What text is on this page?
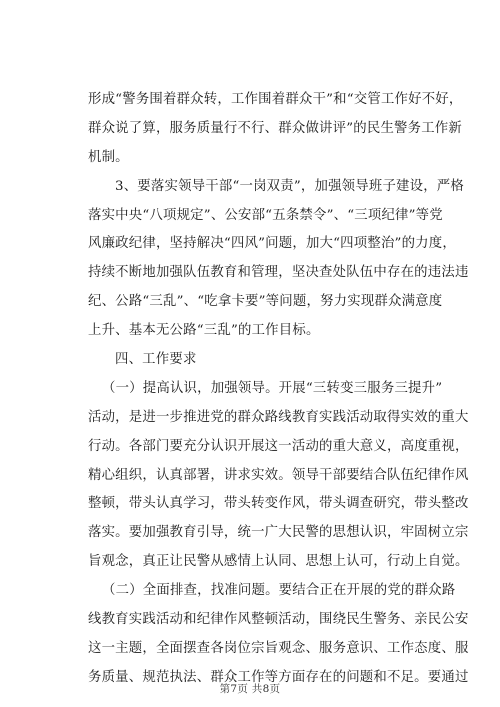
形成“警务围着群众转，工作围着群众干”和“交管工作好不好，
群众说了算，服务质量行不行、群众做讲评”的民生警务工作新
机制。
3、要落实领导干部“一岗双责”，加强领导班子建设，严格
落实中央“八项规定”、公安部“五条禁令”、“三项纪律”等党
风廉政纪律，坚持解决“四风”问题，加大“四项整治”的力度，
持续不断地加强队伍教育和管理，坚决查处队伍中存在的违法违
纪、公路“三乱”、“吃拿卡要”等问题，努力实现群众满意度
上升、基本无公路“三乱”的工作目标。
四、工作要求
（一）提高认识，加强领导。开展“三转变三服务三提升”
活动，是进一步推进党的群众路线教育实践活动取得实效的重大
行动。各部门要充分认识开展这一活动的重大意义，高度重视，
精心组织，认真部署，讲求实效。领导干部要结合队伍纪律作风
整顿，带头认真学习，带头转变作风，带头调查研究，带头整改
落实。要加强教育引导，统一广大民警的思想认识，牢固树立宗
旨观念，真正让民警从感情上认同、思想上认可，行动上自觉。
（二）全面排查，找准问题。要结合正在开展的党的群众路
线教育实践活动和纪律作风整顿活动，围绕民生警务、亲民公安
这一主题，全面摆查各岗位宗旨观念、服务意识、工作态度、服
务质量、规范执法、群众工作等方面存在的问题和不足。要通过
第7页 共8页
